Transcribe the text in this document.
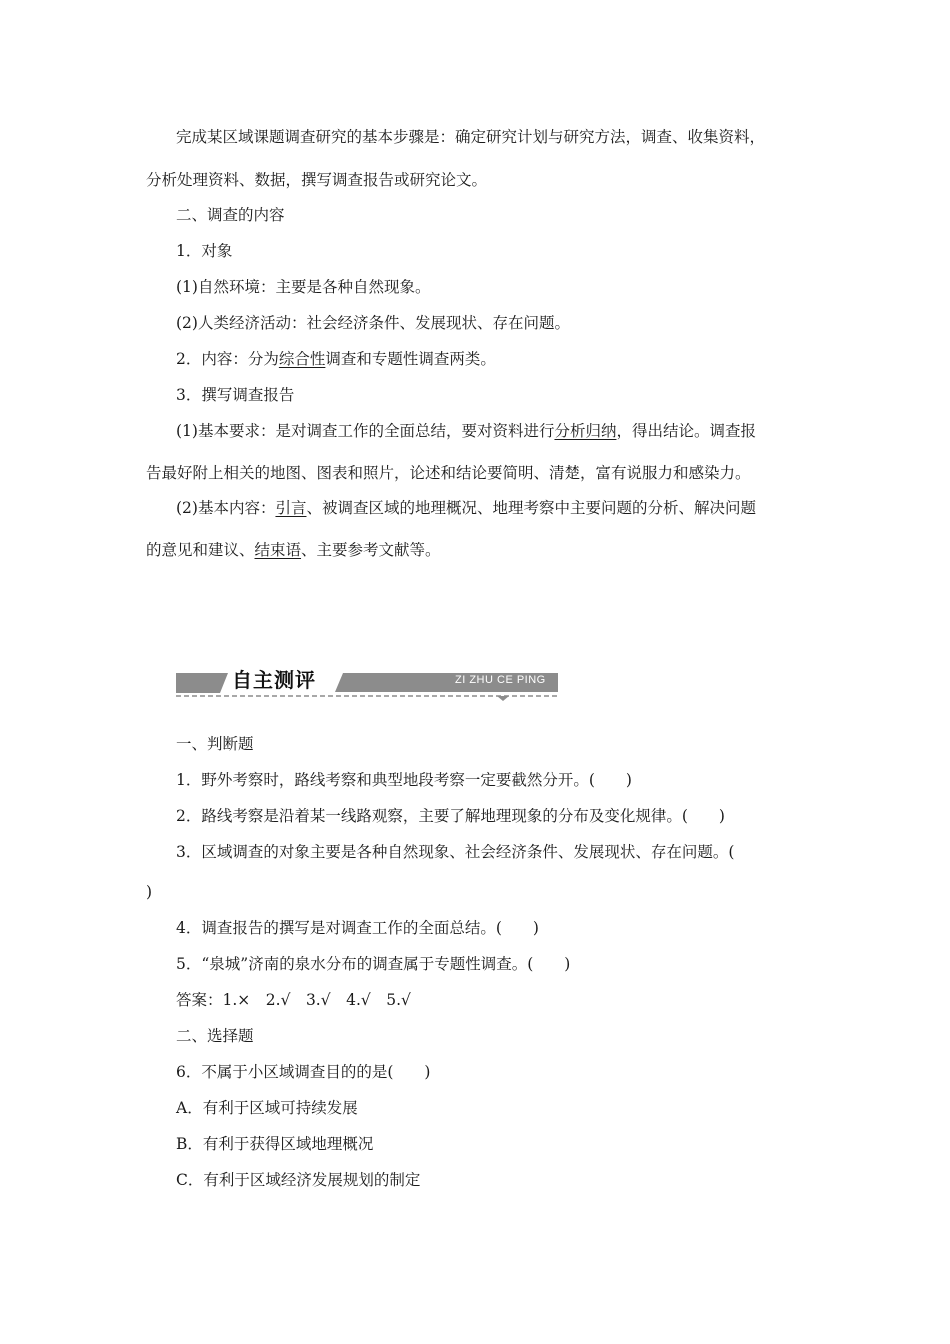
完成某区域课题调查研究的基本步骤是：确定研究计划与研究方法，调查、收集资料，
分析处理资料、数据，撰写调查报告或研究论文。
二、调查的内容
1．对象
(1)自然环境：主要是各种自然现象。
(2)人类经济活动：社会经济条件、发展现状、存在问题。
2．内容：分为综合性调查和专题性调查两类。
3．撰写调查报告
(1)基本要求：是对调查工作的全面总结，要对资料进行分析归纳，得出结论。调查报
告最好附上相关的地图、图表和照片，论述和结论要简明、清楚，富有说服力和感染力。
(2)基本内容：引言、被调查区域的地理概况、地理考察中主要问题的分析、解决问题
的意见和建议、结束语、主要参考文献等。
自主测评	ZI ZHU CE PING
一、判断题
1．野外考察时，路线考察和典型地段考察一定要截然分开。(　　)
2．路线考察是沿着某一线路观察，主要了解地理现象的分布及变化规律。(　　)
3．区域调查的对象主要是各种自然现象、社会经济条件、发展现状、存在问题。(
)
4．调查报告的撰写是对调查工作的全面总结。(　　)
5．“泉城”济南的泉水分布的调查属于专题性调查。(　　)
答案：1.×　2.√　3.√　4.√　5.√
二、选择题
6．不属于小区域调查目的的是(　　)
A．有利于区域可持续发展
B．有利于获得区域地理概况
C．有利于区域经济发展规划的制定
